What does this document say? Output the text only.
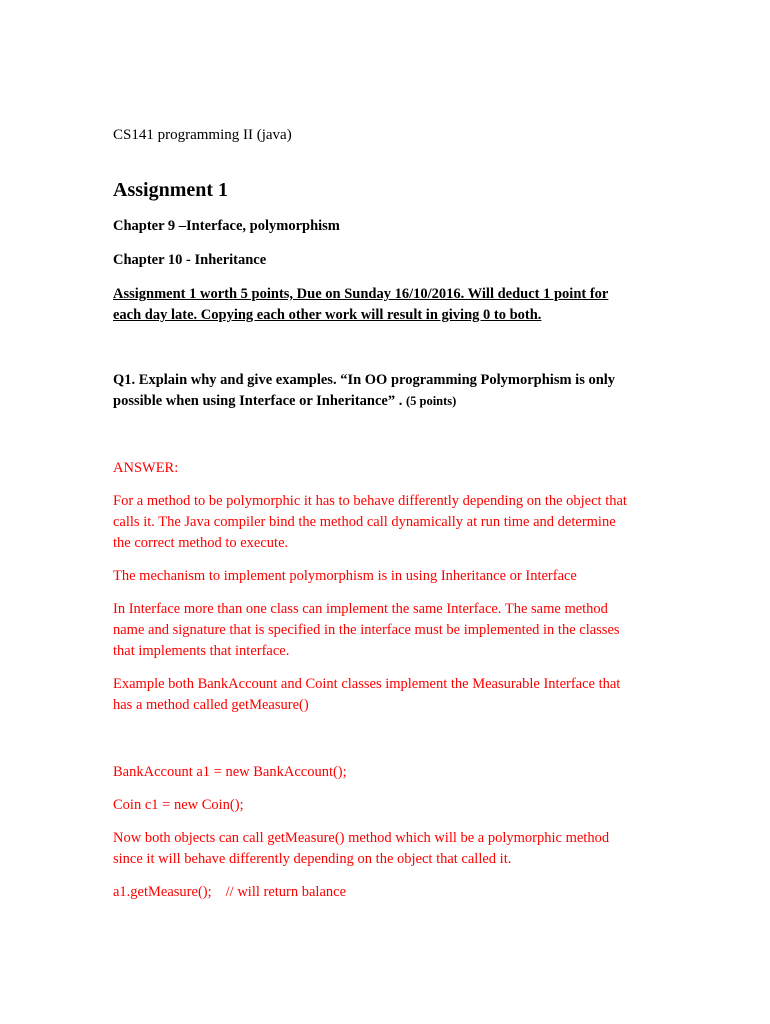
CS141 programming II (java)

Assignment 1

Chapter 9 –Interface, polymorphism

Chapter 10 - Inheritance

Assignment 1 worth 5 points, Due on Sunday 16/10/2016. Will deduct 1 point for

each day late. Copying each other work will result in giving 0 to both.

Q1. Explain why and give examples. “In OO programming Polymorphism is only

possible when using Interface or Inheritance” . (5 points)

ANSWER:

For a method to be polymorphic it has to behave differently depending on the object that

calls it. The Java compiler bind the method call dynamically at run time and determine

the correct method to execute.

The mechanism to implement polymorphism is in using Inheritance or Interface

In Interface more than one class can implement the same Interface. The same method

name and signature that is specified in the interface must be implemented in the classes

that implements that interface.

Example both BankAccount and Coint classes implement the Measurable Interface that

has a method called getMeasure()

BankAccount a1 = new BankAccount();

Coin c1 = new Coin();

Now both objects can call getMeasure() method which will be a polymorphic method

since it will behave differently depending on the object that called it.

a1.getMeasure(); // will return balance
